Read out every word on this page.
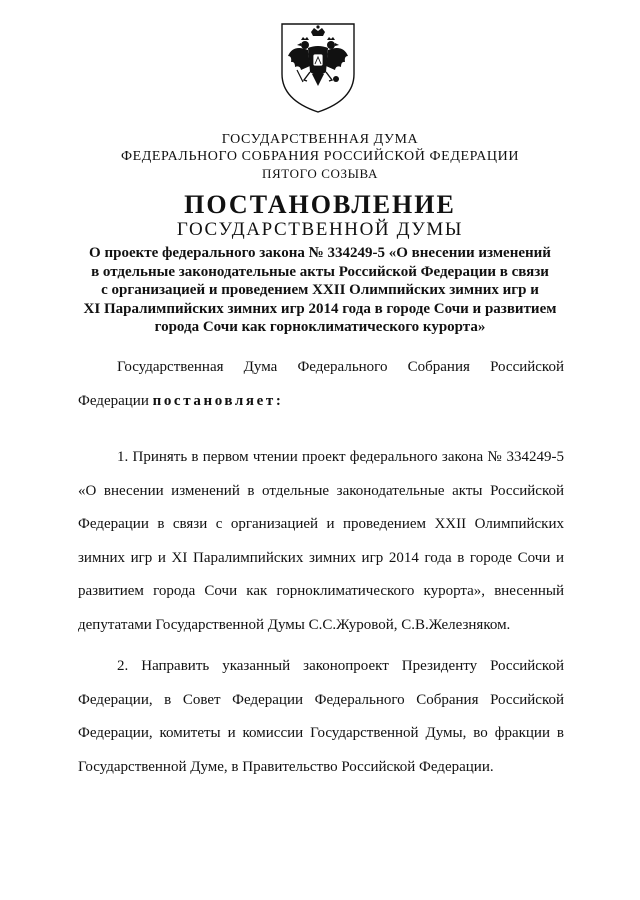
ГОСУДАРСТВЕННАЯ ДУМА
ФЕДЕРАЛЬНОГО СОБРАНИЯ РОССИЙСКОЙ ФЕДЕРАЦИИ
ПЯТОГО СОЗЫВА
ПОСТАНОВЛЕНИЕ
ГОСУДАРСТВЕННОЙ ДУМЫ
О проекте федерального закона № 334249-5 «О внесении изменений
в отдельные законодательные акты Российской Федерации в связи
с организацией и проведением XXII Олимпийских зимних игр и
XI Паралимпийских зимних игр 2014 года в городе Сочи и развитием
города Сочи как горноклиматического курорта»

Государственная Дума Федерального Собрания Российской Федерации постановляет:

1. Принять в первом чтении проект федерального закона № 334249-5 «О внесении изменений в отдельные законодательные акты Российской Федерации в связи с организацией и проведением XXII Олимпийских зимних игр и XI Паралимпийских зимних игр 2014 года в городе Сочи и развитием города Сочи как горноклиматического курорта», внесенный депутатами Государственной Думы С.С.Журовой, С.В.Железняком.

2. Направить указанный законопроект Президенту Российской Федерации, в Совет Федерации Федерального Собрания Российской Федерации, комитеты и комиссии Государственной Думы, во фракции в Государственной Думе, в Правительство Российской Федерации.
